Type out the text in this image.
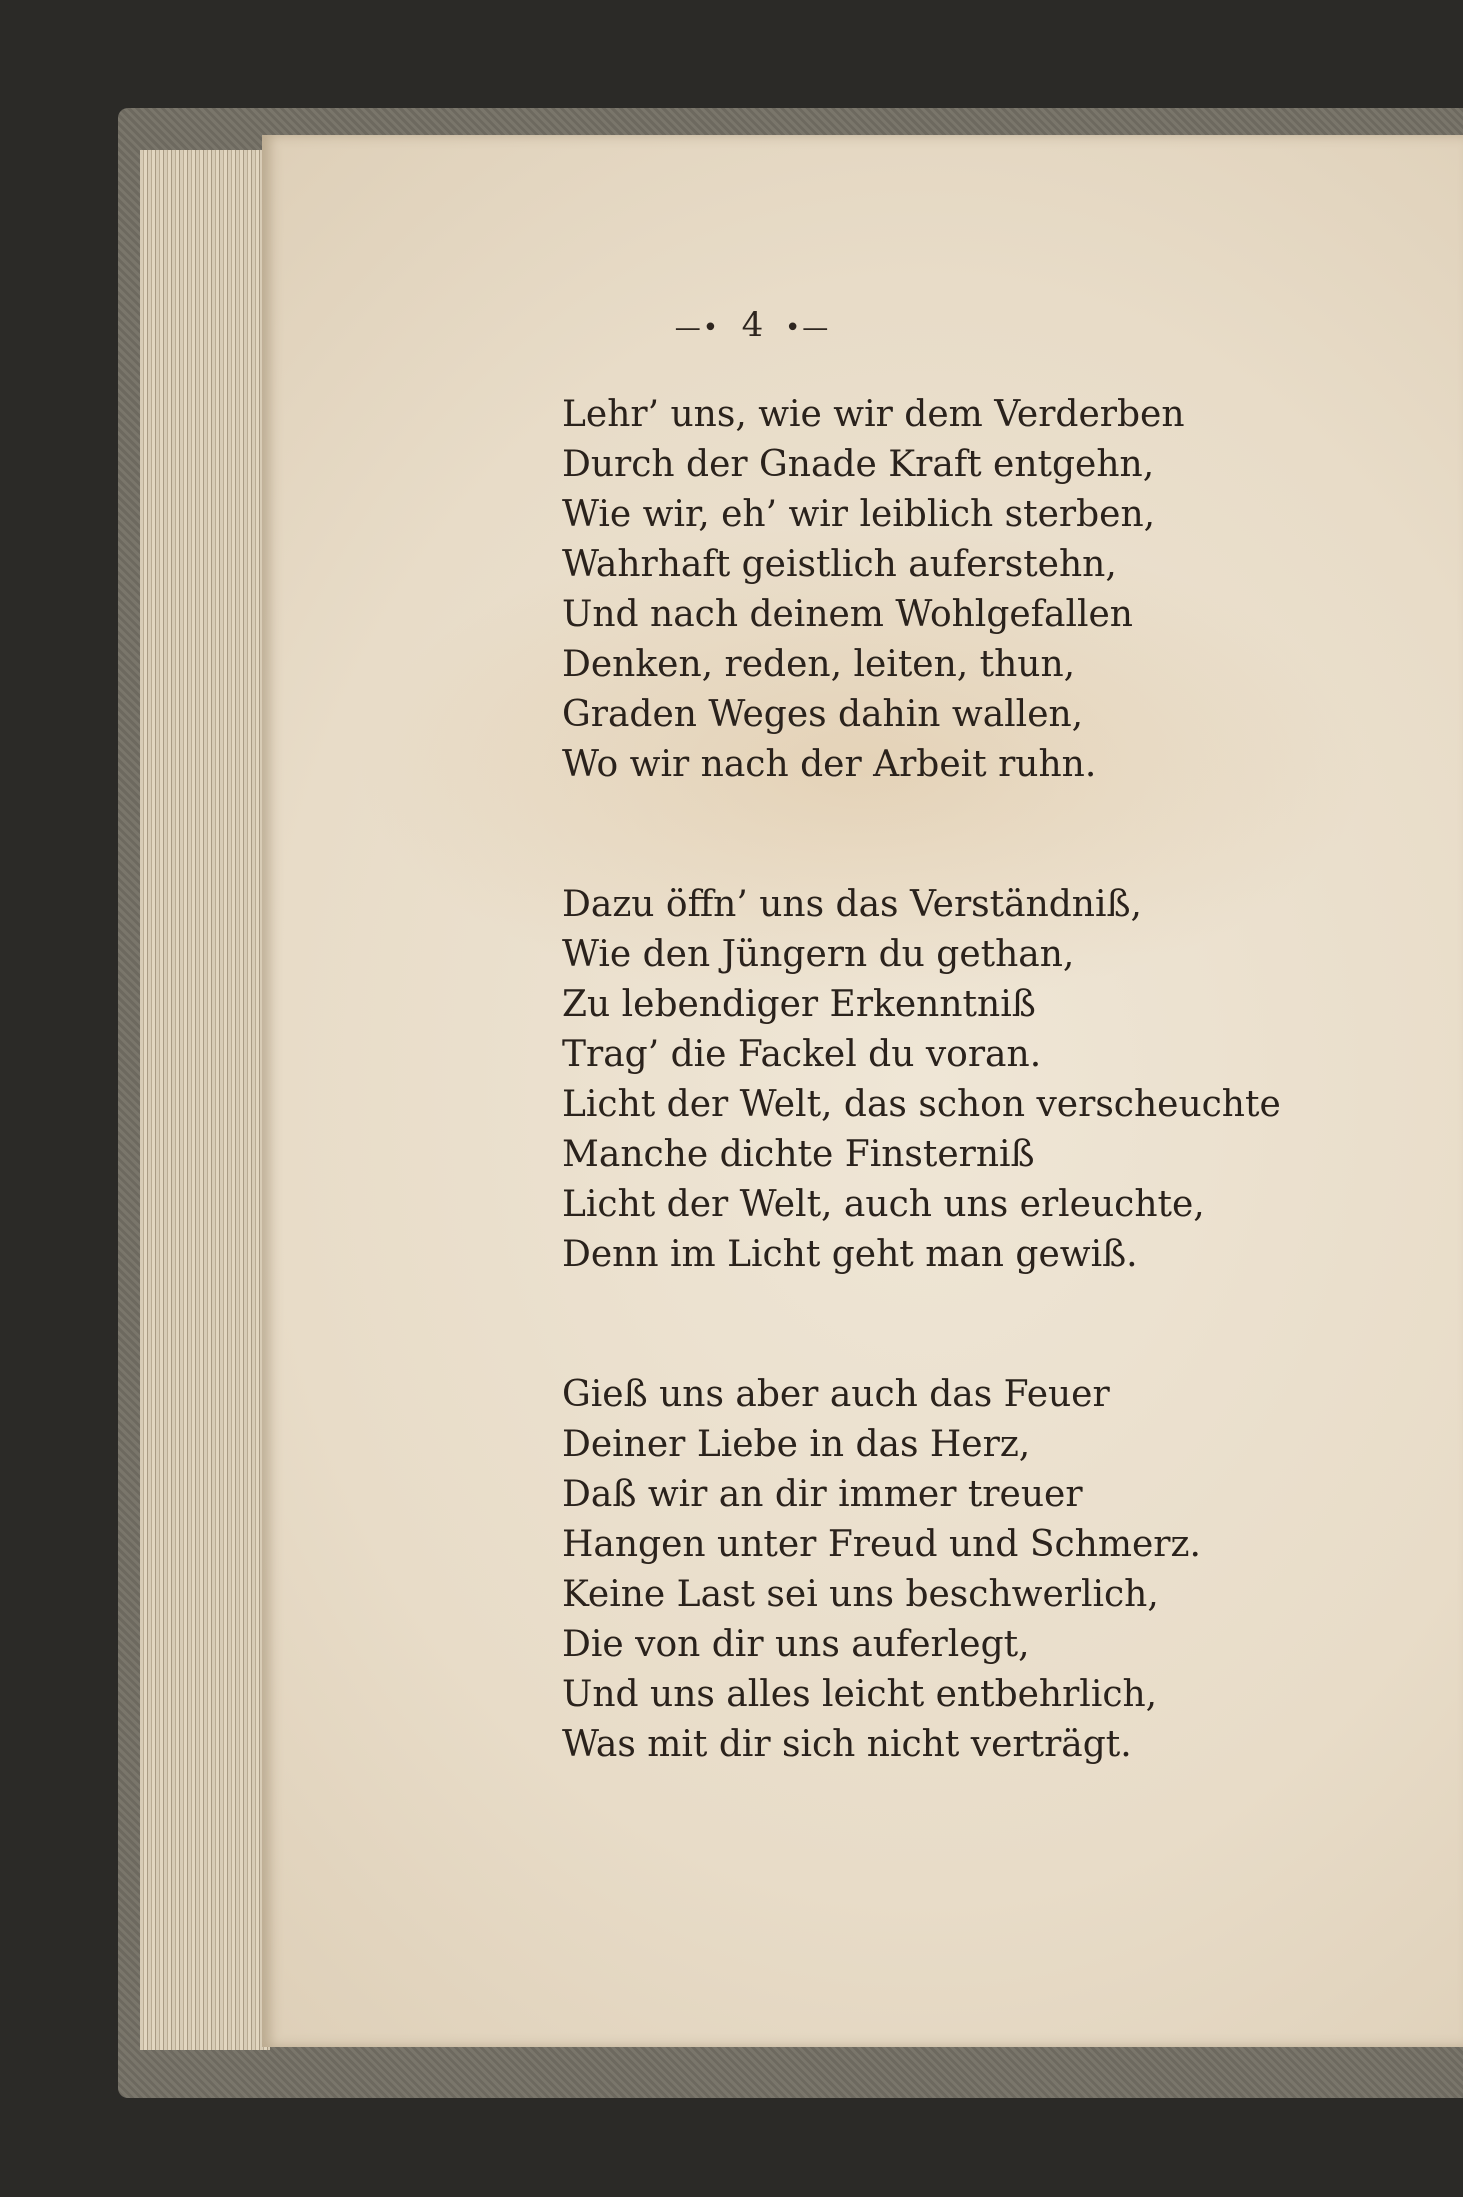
—• 4 •—
Lehr’ uns, wie wir dem Verderben
Durch der Gnade Kraft entgehn,
Wie wir, eh’ wir leiblich sterben,
Wahrhaft geistlich auferstehn,
Und nach deinem Wohlgefallen
Denken, reden, leiten, thun,
Graden Weges dahin wallen,
Wo wir nach der Arbeit ruhn.
Dazu öffn’ uns das Verständniß,
Wie den Jüngern du gethan,
Zu lebendiger Erkenntniß
Trag’ die Fackel du voran.
Licht der Welt, das schon verscheuchte
Manche dichte Finsterniß
Licht der Welt, auch uns erleuchte,
Denn im Licht geht man gewiß.
Gieß uns aber auch das Feuer
Deiner Liebe in das Herz,
Daß wir an dir immer treuer
Hangen unter Freud und Schmerz.
Keine Last sei uns beschwerlich,
Die von dir uns auferlegt,
Und uns alles leicht entbehrlich,
Was mit dir sich nicht verträgt.
